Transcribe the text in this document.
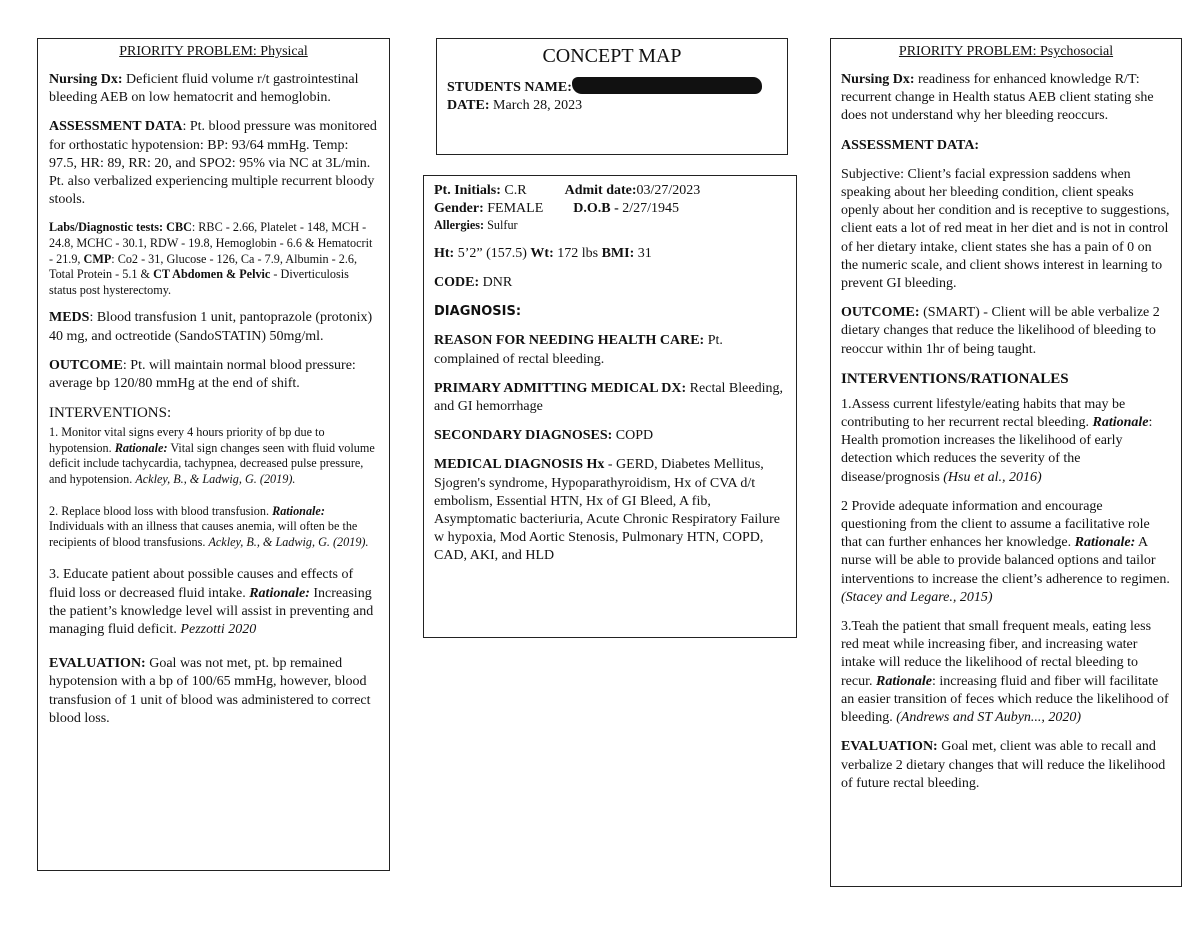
PRIORITY PROBLEM: Physical

Nursing Dx: Deficient fluid volume r/t gastrointestinal bleeding AEB on low hematocrit and hemoglobin.

ASSESSMENT DATA: Pt. blood pressure was monitored for orthostatic hypotension: BP: 93/64 mmHg. Temp: 97.5, HR: 89, RR: 20, and SPO2: 95% via NC at 3L/min. Pt. also verbalized experiencing multiple recurrent bloody stools.

Labs/Diagnostic tests: CBC: RBC - 2.66, Platelet - 148, MCH - 24.8, MCHC - 30.1, RDW - 19.8, Hemoglobin - 6.6 & Hematocrit - 21.9, CMP: Co2 - 31, Glucose - 126, Ca - 7.9, Albumin - 2.6, Total Protein - 5.1 & CT Abdomen & Pelvic - Diverticulosis status post hysterectomy.

MEDS: Blood transfusion 1 unit, pantoprazole (protonix) 40 mg, and octreotide (SandoSTATIN) 50mg/ml.

OUTCOME: Pt. will maintain normal blood pressure: average bp 120/80 mmHg at the end of shift.

INTERVENTIONS:

1. Monitor vital signs every 4 hours priority of bp due to hypotension. Rationale: Vital sign changes seen with fluid volume deficit include tachycardia, tachypnea, decreased pulse pressure, and hypotension. Ackley, B., & Ladwig, G. (2019).

2. Replace blood loss with blood transfusion. Rationale: Individuals with an illness that causes anemia, will often be the recipients of blood transfusions. Ackley, B., & Ladwig, G. (2019).

3. Educate patient about possible causes and effects of fluid loss or decreased fluid intake. Rationale: Increasing the patient’s knowledge level will assist in preventing and managing fluid deficit. Pezzotti 2020

EVALUATION: Goal was not met, pt. bp remained hypotension with a bp of 100/65 mmHg, however, blood transfusion of 1 unit of blood was administered to correct blood loss.

CONCEPT MAP

STUDENTS NAME:

DATE: March 28, 2023

Pt. Initials: C.R	Admit date:03/27/2023

Gender: FEMALE D.O.B - 2/27/1945

Allergies: Sulfur

Ht: 5’2” (157.5) Wt: 172 lbs BMI: 31

CODE: DNR

DIAGNOSIS:

REASON FOR NEEDING HEALTH CARE: Pt. complained of rectal bleeding.

PRIMARY ADMITTING MEDICAL DX: Rectal Bleeding, and GI hemorrhage

SECONDARY DIAGNOSES: COPD

MEDICAL DIAGNOSIS Hx - GERD, Diabetes Mellitus, Sjogren's syndrome, Hypoparathyroidism, Hx of CVA d/t embolism, Essential HTN, Hx of GI Bleed, A fib, Asymptomatic bacteriuria, Acute Chronic Respiratory Failure w hypoxia, Mod Aortic Stenosis, Pulmonary HTN, COPD, CAD, AKI, and HLD

PRIORITY PROBLEM: Psychosocial

Nursing Dx: readiness for enhanced knowledge R/T: recurrent change in Health status AEB client stating she does not understand why her bleeding reoccurs.

ASSESSMENT DATA:

Subjective: Client’s facial expression saddens when speaking about her bleeding condition, client speaks openly about her condition and is receptive to suggestions, client eats a lot of red meat in her diet and is not in control of her dietary intake, client states she has a pain of 0 on the numeric scale, and client shows interest in learning to prevent GI bleeding.

OUTCOME: (SMART) - Client will be able verbalize 2 dietary changes that reduce the likelihood of bleeding to reoccur within 1hr of being taught.

INTERVENTIONS/RATIONALES

1.Assess current lifestyle/eating habits that may be contributing to her recurrent rectal bleeding. Rationale: Health promotion increases the likelihood of early detection which reduces the severity of the disease/prognosis (Hsu et al., 2016)

2 Provide adequate information and encourage questioning from the client to assume a facilitative role that can further enhances her knowledge. Rationale: A nurse will be able to provide balanced options and tailor interventions to increase the client’s adherence to regimen. (Stacey and Legare., 2015)

3.Teah the patient that small frequent meals, eating less red meat while increasing fiber, and increasing water intake will reduce the likelihood of rectal bleeding to recur. Rationale: increasing fluid and fiber will facilitate an easier transition of feces which reduce the likelihood of bleeding. (Andrews and ST Aubyn..., 2020)

EVALUATION: Goal met, client was able to recall and verbalize 2 dietary changes that will reduce the likelihood of future rectal bleeding.
